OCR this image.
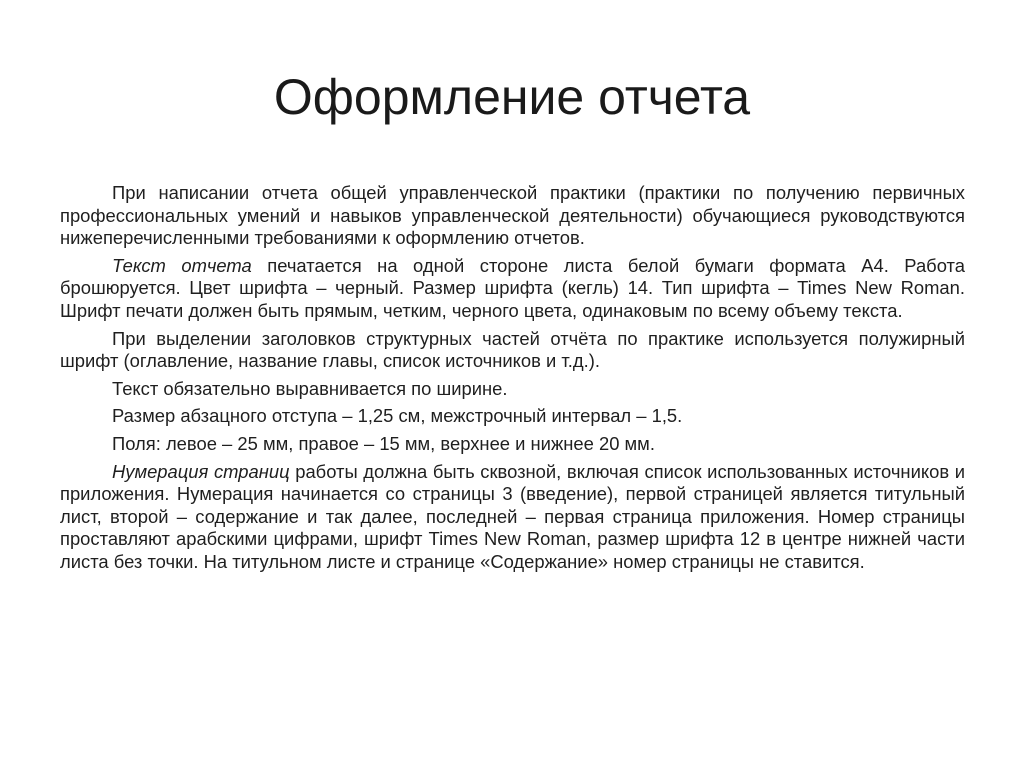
Оформление отчета

При написании отчета общей управленческой практики (практики по получению первичных профессиональных умений и навыков управленческой деятельности) обучающиеся руководствуются нижеперечисленными требованиями к оформлению отчетов.

Текст отчета печатается на одной стороне листа белой бумаги формата А4. Работа брошюруется. Цвет шрифта – черный. Размер шрифта (кегль) 14. Тип шрифта – Times New Roman. Шрифт печати должен быть прямым, четким, черного цвета, одинаковым по всему объему текста.

При выделении заголовков структурных частей отчёта по практике используется полужирный шрифт (оглавление, название главы, список источников и т.д.).

Текст обязательно выравнивается по ширине.

Размер абзацного отступа – 1,25 см, межстрочный интервал – 1,5.

Поля: левое – 25 мм, правое – 15 мм, верхнее и нижнее 20 мм.

Нумерация страниц работы должна быть сквозной, включая список использованных источников и приложения. Нумерация начинается со страницы 3 (введение), первой страницей является титульный лист, второй – содержание и так далее, последней – первая страница приложения. Номер страницы проставляют арабскими цифрами, шрифт Times New Roman, размер шрифта 12 в центре нижней части листа без точки. На титульном листе и странице «Содержание» номер страницы не ставится.
